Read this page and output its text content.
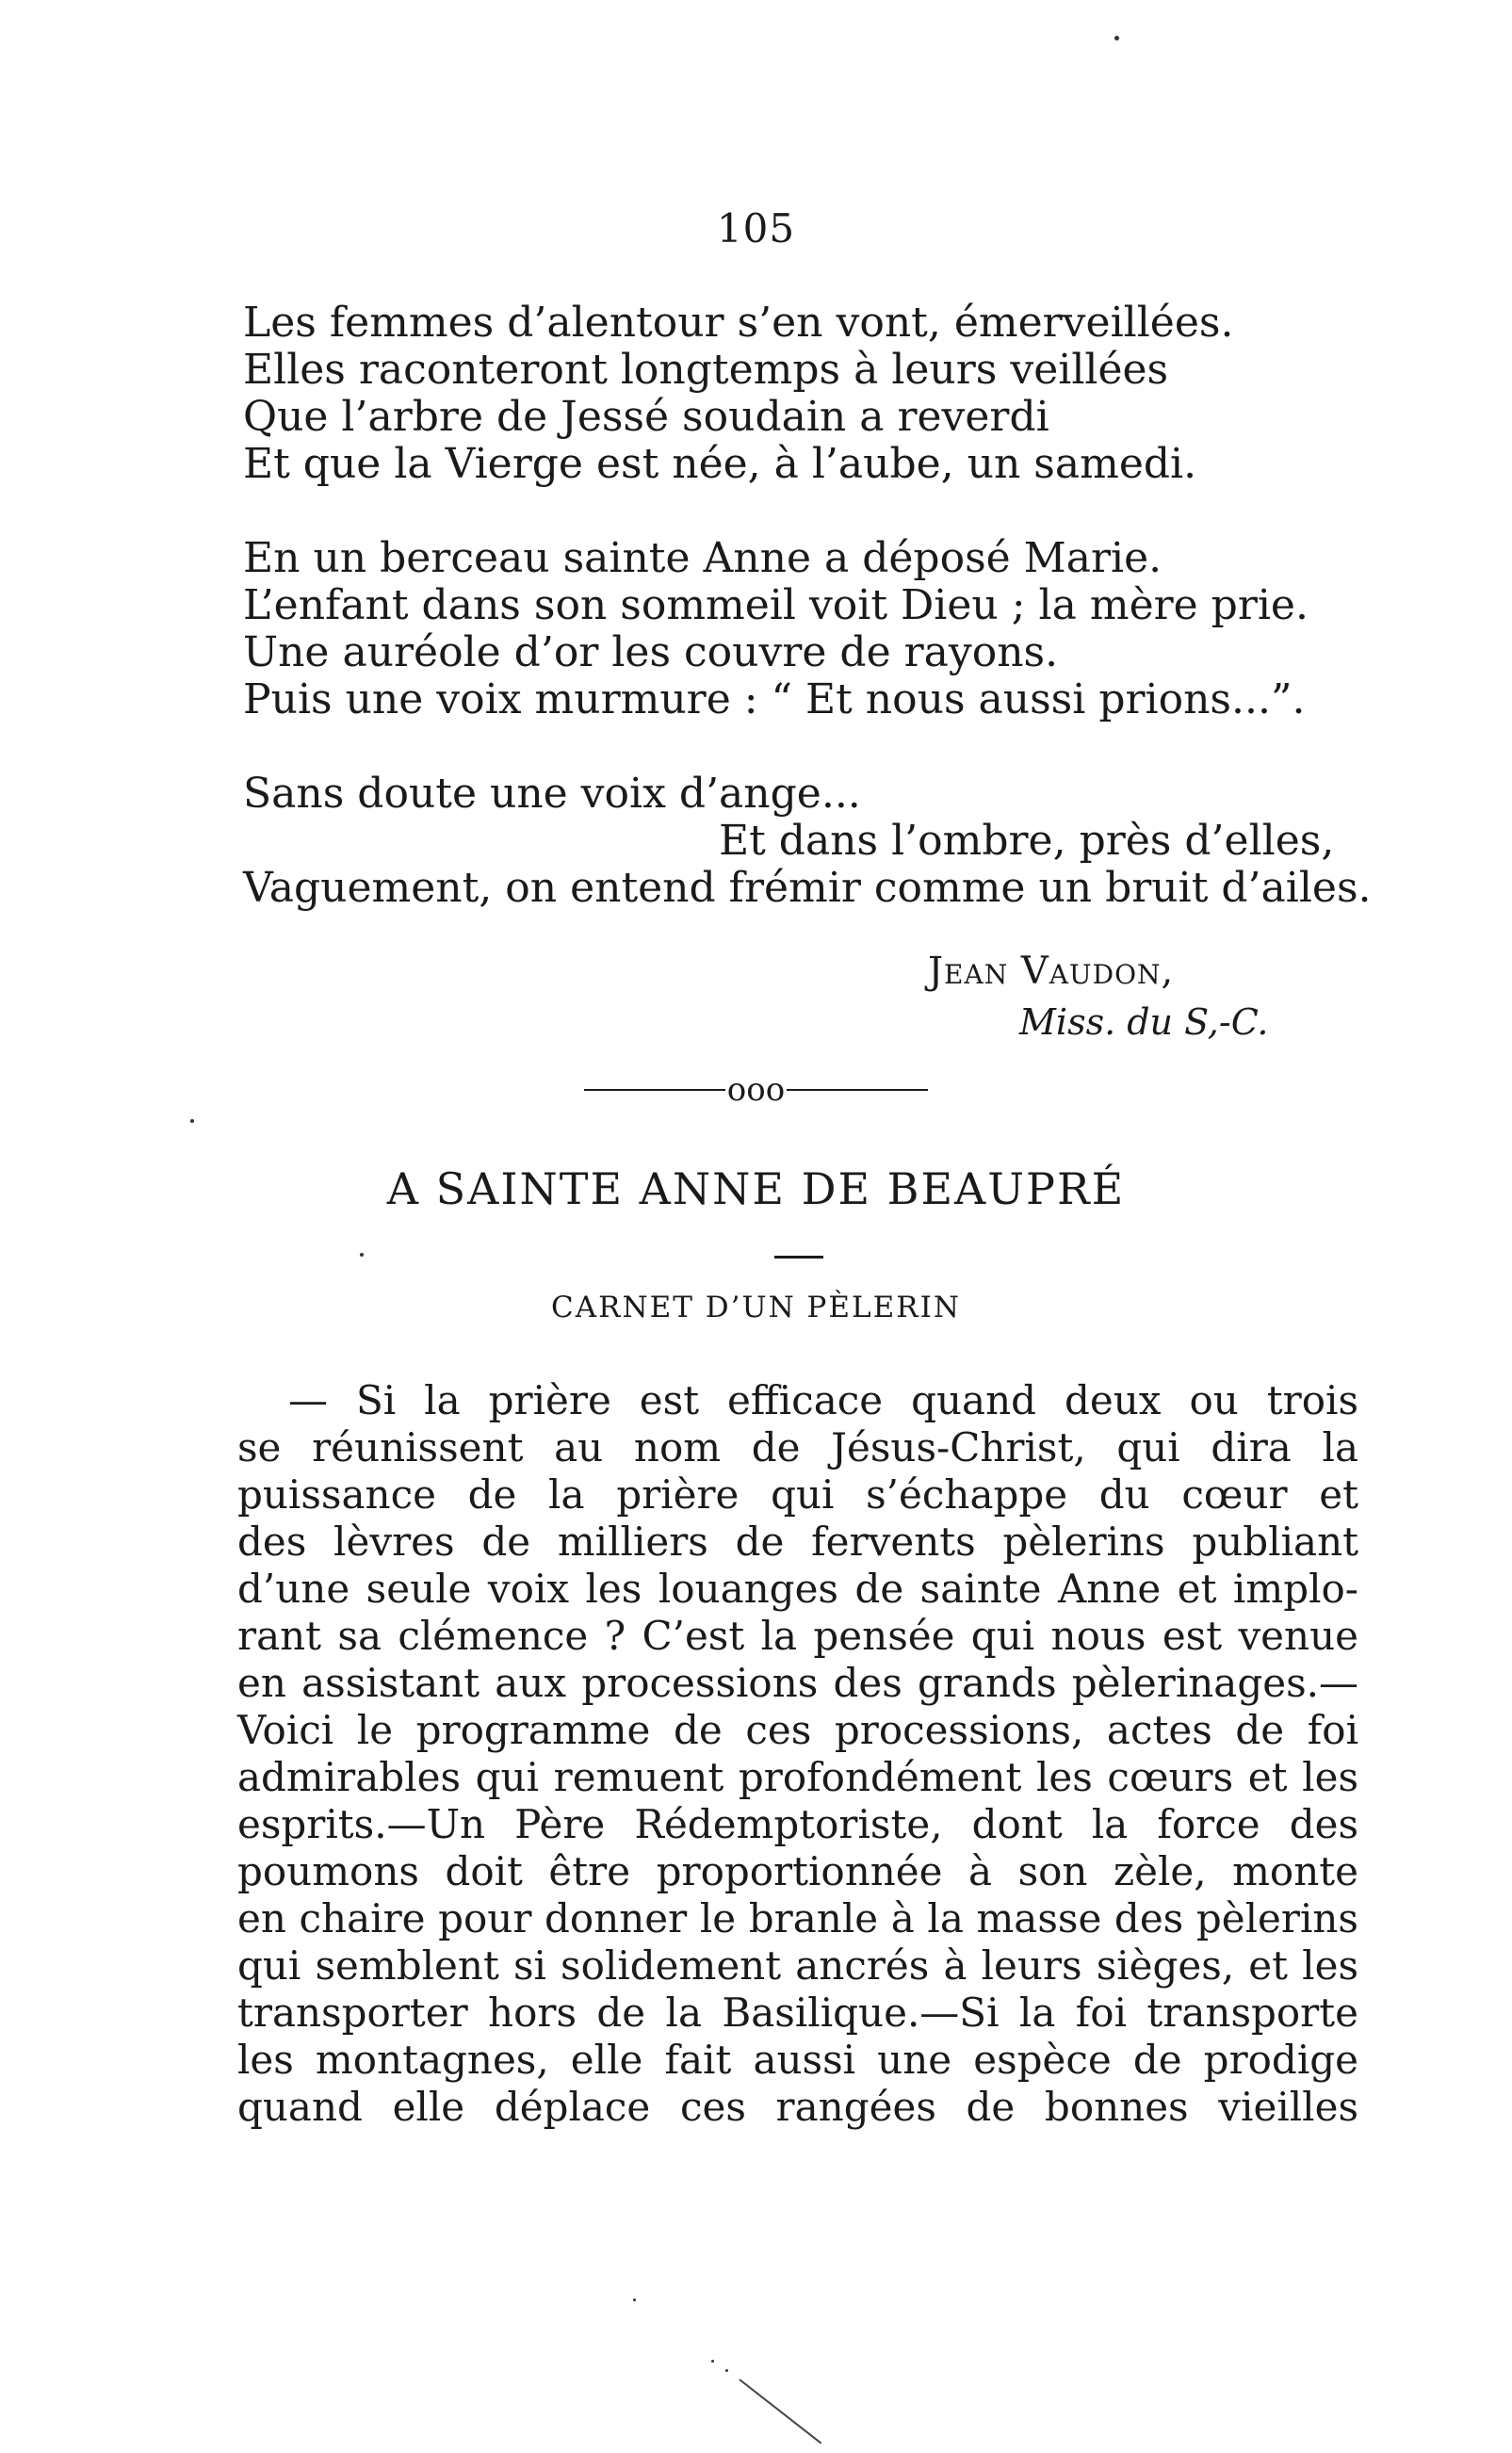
105
Les femmes d’alentour s’en vont, émerveillées.
Elles raconteront longtemps à leurs veillées
Que l’arbre de Jessé soudain a reverdi
Et que la Vierge est née, à l’aube, un samedi.
En un berceau sainte Anne a déposé Marie.
L’enfant dans son sommeil voit Dieu ; la mère prie.
Une auréole d’or les couvre de rayons.
Puis une voix murmure : “ Et nous aussi prions...”.
Sans doute une voix d’ange...
Et dans l’ombre, près d’elles,
Vaguement, on entend frémir comme un bruit d’ailes.
Jean Vaudon,
Miss. du S,-C.
ooo
A SAINTE ANNE DE BEAUPRÉ
CARNET D’UN PÈLERIN
— Si la prière est efficace quand deux ou trois
se réunissent au nom de Jésus-Christ, qui dira la
puissance de la prière qui s’échappe du cœur et
des lèvres de milliers de fervents pèlerins publiant
d’une seule voix les louanges de sainte Anne et implo-
rant sa clémence ? C’est la pensée qui nous est venue
en assistant aux processions des grands pèlerinages.—
Voici le programme de ces processions, actes de foi
admirables qui remuent profondément les cœurs et les
esprits.—Un Père Rédemptoriste, dont la force des
poumons doit être proportionnée à son zèle, monte
en chaire pour donner le branle à la masse des pèlerins
qui semblent si solidement ancrés à leurs sièges, et les
transporter hors de la Basilique.—Si la foi transporte
les montagnes, elle fait aussi une espèce de prodige
quand elle déplace ces rangées de bonnes vieilles
